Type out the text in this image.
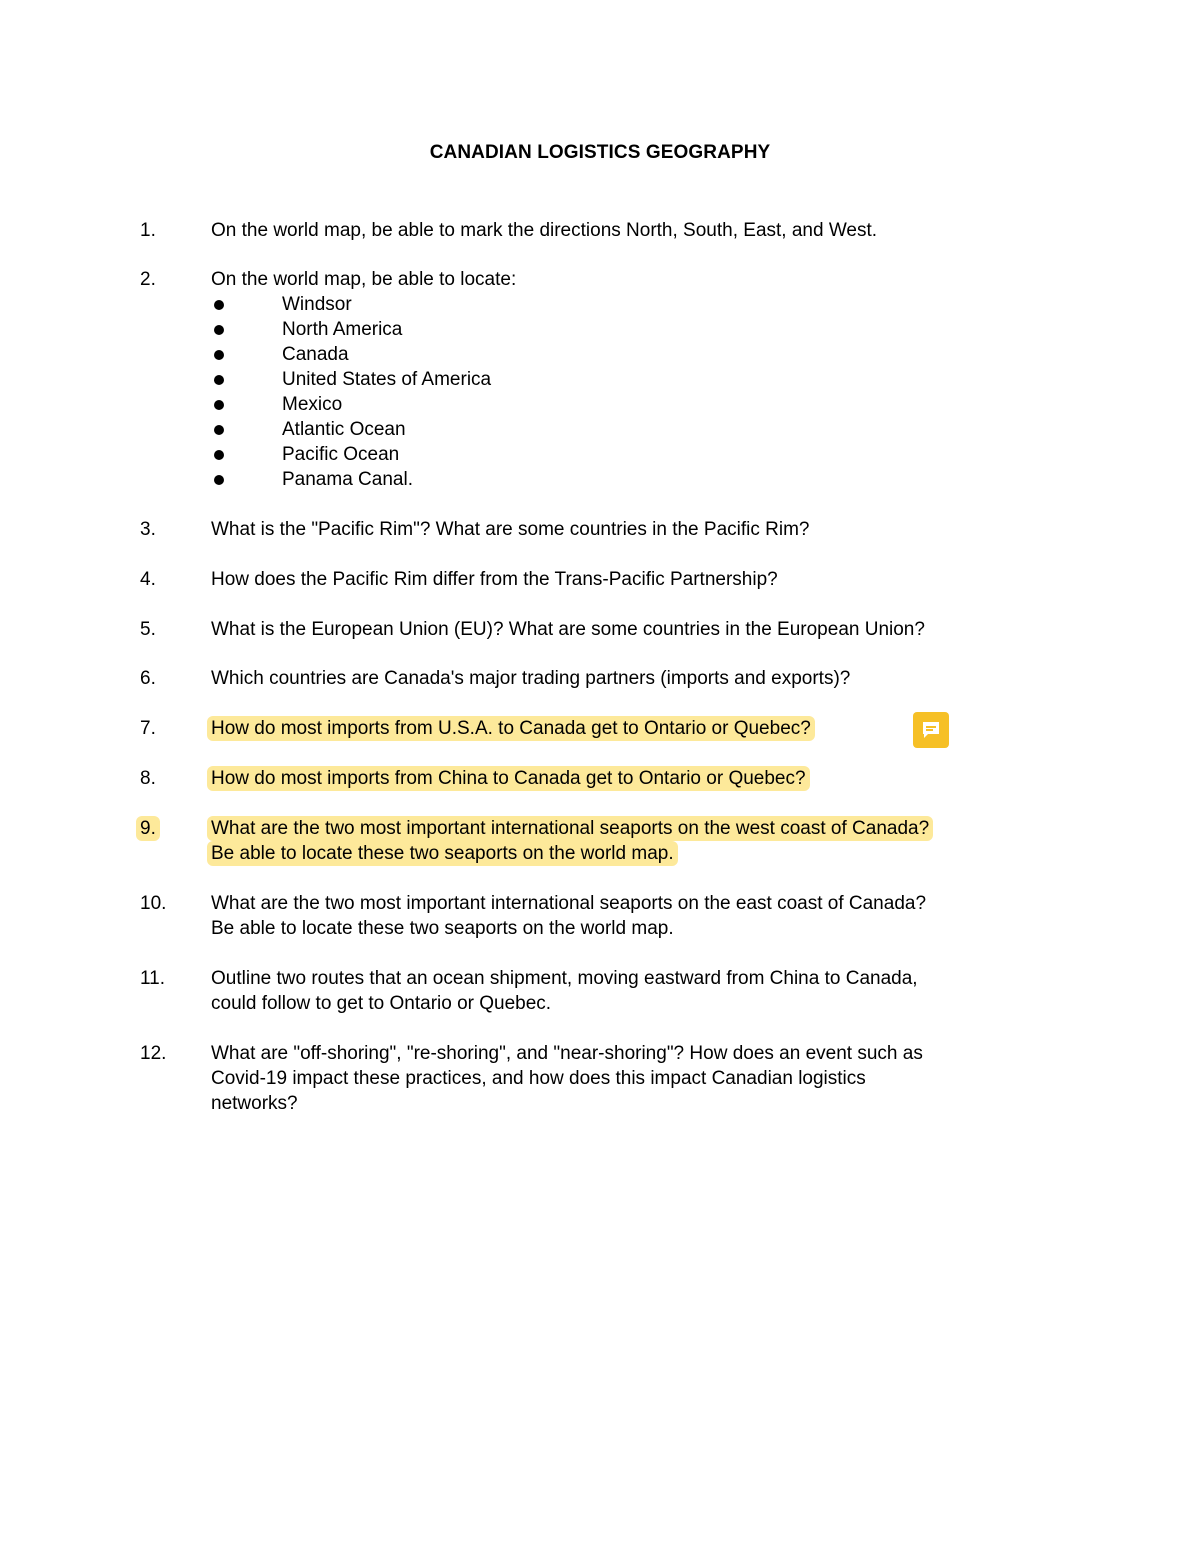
CANADIAN LOGISTICS GEOGRAPHY
1.	On the world map, be able to mark the directions North, South, East, and West.
2.	On the world map, be able to locate:
Windsor
North America
Canada
United States of America
Mexico
Atlantic Ocean
Pacific Ocean
Panama Canal.
3.	What is the "Pacific Rim"? What are some countries in the Pacific Rim?
4.	How does the Pacific Rim differ from the Trans-Pacific Partnership?
5.	What is the European Union (EU)? What are some countries in the European Union?
6.	Which countries are Canada's major trading partners (imports and exports)?
7.	How do most imports from U.S.A. to Canada get to Ontario or Quebec?
8.	How do most imports from China to Canada get to Ontario or Quebec?
9.	What are the two most important international seaports on the west coast of Canada?
Be able to locate these two seaports on the world map.
10.	What are the two most important international seaports on the east coast of Canada?
Be able to locate these two seaports on the world map.
11.	Outline two routes that an ocean shipment, moving eastward from China to Canada,
could follow to get to Ontario or Quebec.
12.	What are "off-shoring", "re-shoring", and "near-shoring"? How does an event such as
Covid-19 impact these practices, and how does this impact Canadian logistics
networks?
